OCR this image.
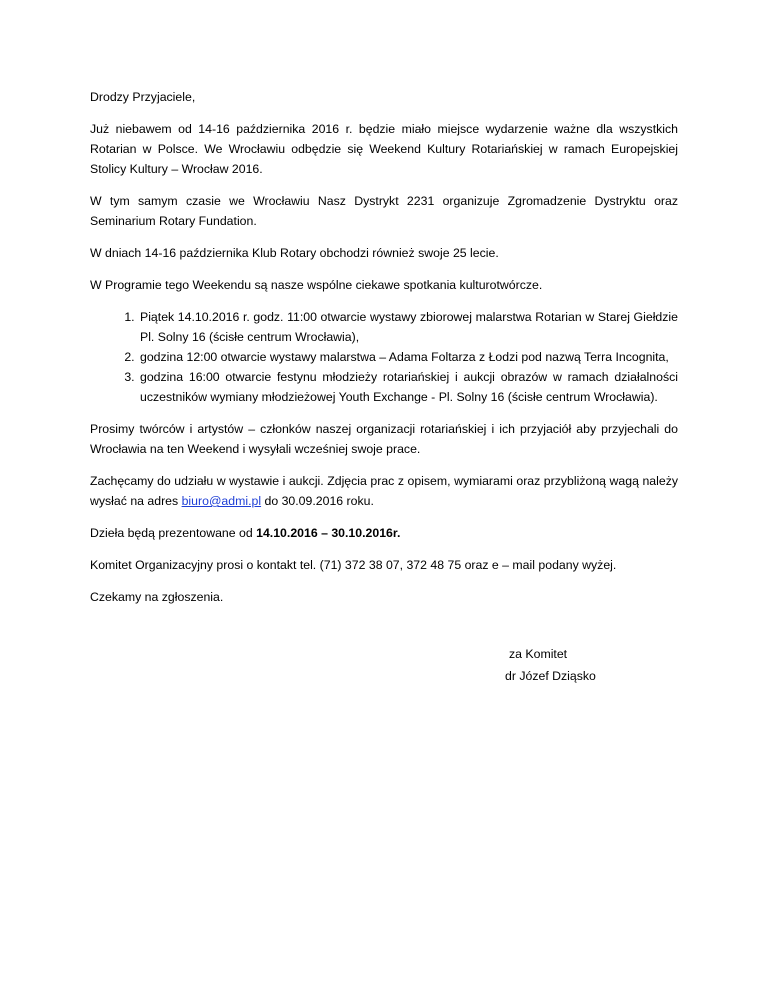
Drodzy Przyjaciele,

Już niebawem od 14-16 października 2016 r. będzie miało miejsce wydarzenie ważne dla wszystkich Rotarian w Polsce. We Wrocławiu odbędzie się Weekend Kultury Rotariańskiej w ramach Europejskiej Stolicy Kultury – Wrocław 2016.

W tym samym czasie we Wrocławiu Nasz Dystrykt 2231 organizuje Zgromadzenie Dystryktu oraz Seminarium Rotary Fundation.

W dniach 14-16 października Klub Rotary obchodzi również swoje 25 lecie.

W Programie tego Weekendu są nasze wspólne ciekawe spotkania kulturotwórcze.

1. Piątek 14.10.2016 r. godz. 11:00 otwarcie wystawy zbiorowej malarstwa Rotarian w Starej Giełdzie Pl. Solny 16 (ścisłe centrum Wrocławia),
2. godzina 12:00 otwarcie wystawy malarstwa – Adama Foltarza z Łodzi pod nazwą Terra Incognita,
3. godzina 16:00 otwarcie festynu młodzieży rotariańskiej i aukcji obrazów w ramach działalności uczestników wymiany młodzieżowej Youth Exchange - Pl. Solny 16 (ścisłe centrum Wrocławia).

Prosimy twórców i artystów – członków naszej organizacji rotariańskiej i ich przyjaciół aby przyjechali do Wrocławia na ten Weekend i wysyłali wcześniej swoje prace.

Zachęcamy do udziału w wystawie i aukcji. Zdjęcia prac z opisem, wymiarami oraz przybliżoną wagą należy wysłać na adres biuro@admi.pl do 30.09.2016 roku.

Dzieła będą prezentowane od 14.10.2016 – 30.10.2016r.

Komitet Organizacyjny prosi o kontakt tel. (71) 372 38 07, 372 48 75 oraz e – mail podany wyżej.

Czekamy na zgłoszenia.

za Komitet
dr Józef Dziąsko
